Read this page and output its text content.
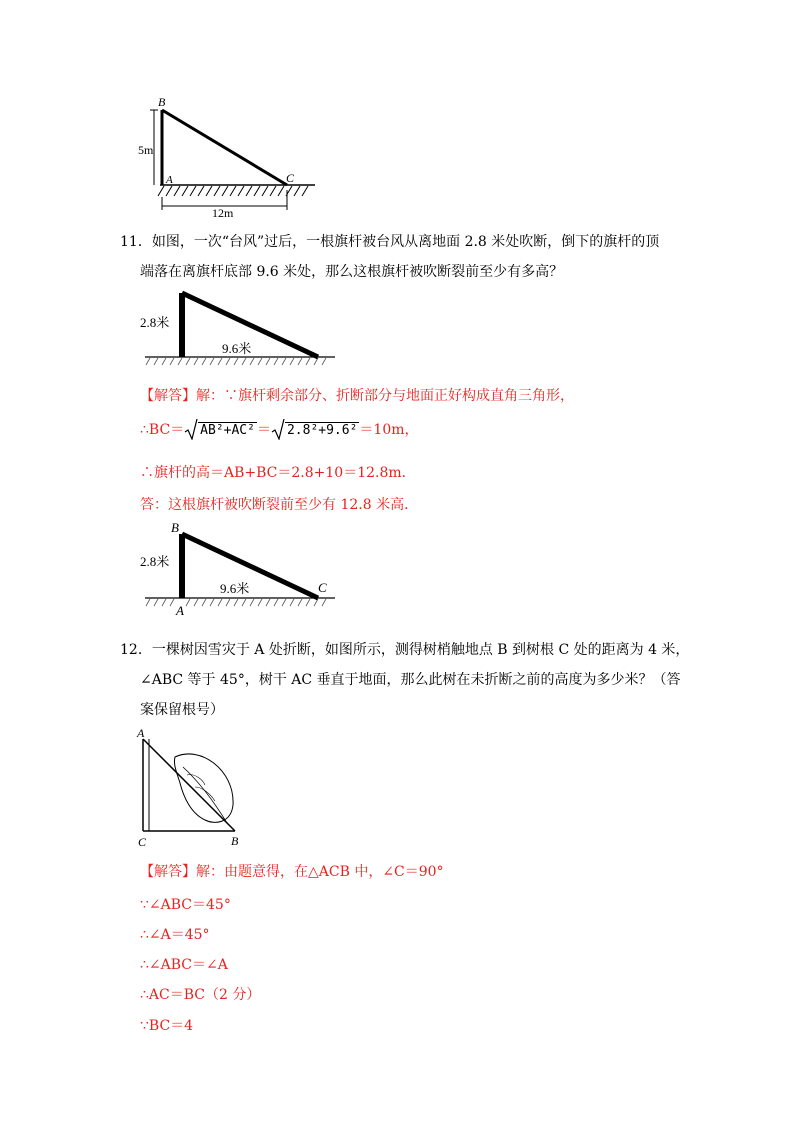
B
A	C
5m
12m
11．如图，一次“台风”过后，一根旗杆被台风从离地面 2.8 米处吹断，倒下的旗杆的顶
端落在离旗杆底部 9.6 米处，那么这根旗杆被吹断裂前至少有多高？
2.8米
9.6米
【解答】解：∵旗杆剩余部分、折断部分与地面正好构成直角三角形，
∴BC＝ AB²+AC² ＝ 2.8²+9.6² ＝10m，
∴旗杆的高＝AB+BC＝2.8+10＝12.8m．
答：这根旗杆被吹断裂前至少有 12.8 米高．
B
A
C
2.8米
9.6米
12．一棵树因雪灾于 A 处折断，如图所示，测得树梢触地点 B 到树根 C 处的距离为 4 米，
∠ABC 等于 45°，树干 AC 垂直于地面，那么此树在未折断之前的高度为多少米？（答
案保留根号）
A
C	B
【解答】解：由题意得，在△ACB 中，∠C＝90°
∵∠ABC＝45°
∴∠A＝45°
∴∠ABC＝∠A
∴AC＝BC（2 分）
∵BC＝4
